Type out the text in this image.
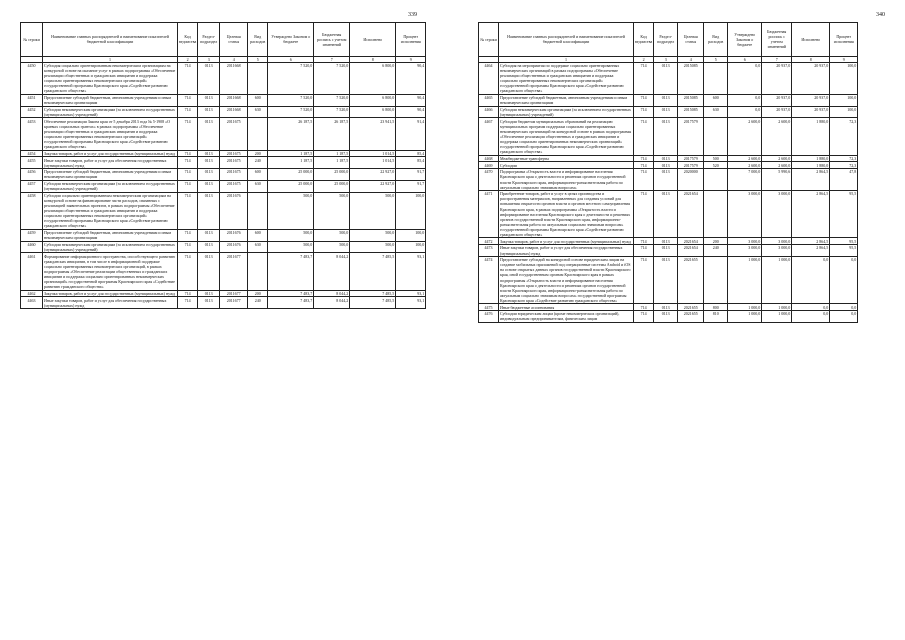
339
№ строки	Наименование главных распорядителей и наименование показателей бюджетной классификации	Код ведомства	Раздел-подраздел	Целевая статья	Вид расходов	Утверждено Законом о бюджете	Бюджетная роспись с учетом изменений	Исполнено	Процент исполнения
	1	2	3	4	5	6	7	8	9
4450	Субсидия социально ориентированным некоммерческим организациям на конкурсной основе на оказание услуг в рамках подпрограммы «Обеспечение реализации общественных и гражданских инициатив и поддержка социально ориентированных некоммерческих организаций» государственной программы Красноярского края «Содействие развитию гражданского общества»	714	0113	2011668		7 520,0	7 520,0	6 800,0	90,4
4451	Предоставление субсидий бюджетным, автономным учреждениям и иным некоммерческим организациям	714	0113	2011668	600	7 520,0	7 520,0	6 800,0	90,4
4452	Субсидии некоммерческим организациям (за исключением государственных (муниципальных) учреждений)	714	0113	2011668	630	7 520,0	7 520,0	6 800,0	90,4
4453	Обеспечение реализации Закона края от 5 декабря 2013 года № 5-1908 «О краевых социальных грантах» в рамках подпрограммы «Обеспечение реализации общественных и гражданских инициатив и поддержка социально ориентированных некоммерческих организаций» государственной программы Красноярского края «Содействие развитию гражданского общества»	714	0113	2011675		26 187,5	26 187,5	23 941,5	91,4
4454	Закупка товаров, работ и услуг для государственных (муниципальных) нужд	714	0113	2011675	200	1 187,5	1 187,5	1 014,5	85,4
4455	Иные закупки товаров, работ и услуг для обеспечения государственных (муниципальных) нужд	714	0113	2011675	240	1 187,5	1 187,5	1 014,5	85,4
4456	Предоставление субсидий бюджетным, автономным учреждениям и иным некоммерческим организациям	714	0113	2011675	600	25 000,0	25 000,0	22 927,0	91,7
4457	Субсидии некоммерческим организациям (за исключением государственных (муниципальных) учреждений)	714	0113	2011675	630	25 000,0	25 000,0	22 927,0	91,7
4458	Субсидии социально ориентированным некоммерческим организациям на конкурсной основе на финансирование части расходов, связанных с реализацией заявительных проектов, в рамках подпрограммы «Обеспечение реализации общественных и гражданских инициатив и поддержка социально ориентированных некоммерческих организаций» государственной программы Красноярского края «Содействие развитию гражданского общества»	714	0113	2011676		500,0	500,0	500,0	100,0
4459	Предоставление субсидий бюджетным, автономным учреждениям и иным некоммерческим организациям	714	0113	2011676	600	500,0	500,0	500,0	100,0
4460	Субсидии некоммерческим организациям (за исключением государственных (муниципальных) учреждений)	714	0113	2011676	630	500,0	500,0	500,0	100,0
4461	Формирование информационного пространства, способствующего развитию гражданских инициатив, в том числе в информационной поддержке социально ориентированных некоммерческих организаций, в рамках подпрограммы «Обеспечение реализации общественных и гражданских инициатив и поддержка социально ориентированных некоммерческих организаций» государственной программы Красноярского края «Содействие развитию гражданского общества»	714	0113	2011677		7 483,7	8 044,2	7 485,5	93,1
4462	Закупка товаров, работ и услуг для государственных (муниципальных) нужд	714	0113	2011677	200	7 483,7	8 044,2	7 485,5	93,1
4463	Иные закупки товаров, работ и услуг для обеспечения государственных (муниципальных) нужд	714	0113	2011677	240	7 483,7	8 044,2	7 485,5	93,1
340
№ строки	Наименование главных распорядителей и наименование показателей бюджетной классификации	Код ведомства	Раздел-подраздел	Целевая статья	Вид расходов	Утверждено Законом о бюджете	Бюджетная роспись с учетом изменений	Исполнено	Процент исполнения
	1	2	3	4	5	6	7	8	9
4464	Субсидия на мероприятия по поддержке социально ориентированных некоммерческих организаций в рамках подпрограммы «Обеспечение реализации общественных и гражданских инициатив и поддержка социально ориентированных некоммерческих организаций» государственной программы Красноярского края «Содействие развитию гражданского общества»	714	0113	2015085		0,0	20 937,0	20 937,0	100,0
4465	Предоставление субсидий бюджетным, автономным учреждениям и иным некоммерческим организациям	714	0113	2015085	600	0,0	20 937,0	20 937,0	100,0
4466	Субсидии некоммерческим организациям (за исключением государственных (муниципальных) учреждений)	714	0113	2015085	630	0,0	20 937,0	20 937,0	100,0
4467	Субсидии бюджетам муниципальных образований на реализацию муниципальных программ поддержки социально ориентированных некоммерческих организаций на конкурсной основе в рамках подпрограммы «Обеспечение реализации общественных и гражданских инициатив и поддержка социально ориентированных некоммерческих организаций» государственной программы Красноярского края «Содействие развитию гражданского общества»	714	0113	2017579		2 600,0	2 600,0	1 880,0	72,3
4468	Межбюджетные трансферты	714	0113	2017579	500	2 600,0	2 600,0	1 880,0	72,3
4469	Субсидии	714	0113	2017579	520	2 600,0	2 600,0	1 880,0	72,3
4470	Подпрограмма «Открытость власти и информирование населения Красноярского края о деятельности и решениях органов государственной власти Красноярского края, информационно-разъяснительная работа по актуальным социально значимым вопросам»	714	0113	2020000		7 000,0	5 990,6	2 864,5	47,8
4471	Приобретение товаров, работ и услуг в целях производства и распространения материалов, направленных для создания условий для повышения открытости органов власти и органов местного самоуправления Красноярского края, в рамках подпрограммы «Открытость власти и информирование населения Красноярского края о деятельности и решениях органов государственной власти Красноярского края, информационно-разъяснительная работа по актуальным социально значимым вопросам» государственной программы Красноярского края «Содействие развитию гражданского общества»	714	0113	2021654		3 000,0	3 000,0	2 864,5	95,5
4472	Закупка товаров, работ и услуг для государственных (муниципальных) нужд	714	0113	2021654	200	3 000,0	3 000,0	2 864,5	95,5
4473	Иные закупки товаров, работ и услуг для обеспечения государственных (муниципальных) нужд	714	0113	2021654	240	3 000,0	3 000,0	2 864,5	95,5
4474	Предоставление субсидий на конкурсной основе юридическим лицам на создание мобильных приложений под операционные системы Android и iOS на основе открытых данных органов государственной власти Красноярского края, иной государственным органам Красноярского края в рамках подпрограммы «Открытость власти и информирование населения Красноярского края о деятельности и решениях органов государственной власти Красноярского края, информационно-разъяснительная работа по актуальным социально значимым вопросам» государственной программы Красноярского края «Содействие развитию гражданского общества»	714	0113	2021655		1 000,0	1 000,0	0,0	0,0
4475	Иные бюджетные ассигнования	714	0113	2021655	800	1 000,0	1 000,0	0,0	0,0
4476	Субсидии юридическим лицам (кроме некоммерческих организаций), индивидуальным предпринимателям, физическим лицам	714	0113	2021655	810	1 000,0	1 000,0	0,0	0,0
